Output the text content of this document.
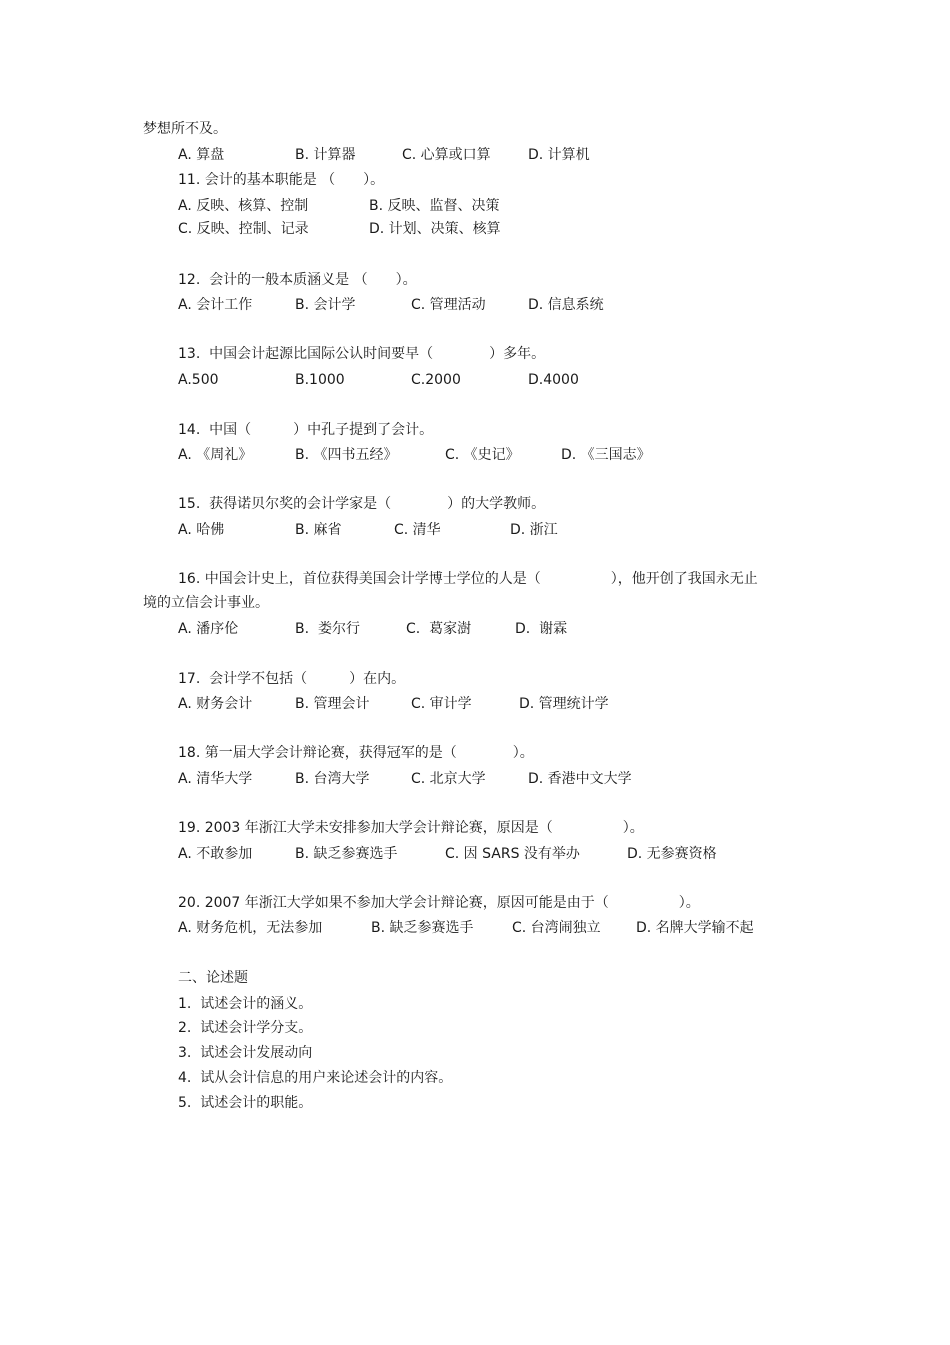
梦想所不及。
A. 算盘	B. 计算器	C. 心算或口算	D. 计算机
11. 会计的基本职能是 （　　）。
A. 反映、核算、控制	B. 反映、监督、决策
C. 反映、控制、记录	D. 计划、决策、核算
12.  会计的一般本质涵义是 （　　）。
A. 会计工作	B. 会计学	C. 管理活动	D. 信息系统
13.  中国会计起源比国际公认时间要早（　　　　）多年。
A.500	B.1000	C.2000	D.4000
14.  中国（　　　）中孔子提到了会计。
A. 《周礼》	B. 《四书五经》	C. 《史记》	D. 《三国志》
15.  获得诺贝尔奖的会计学家是（　　　　）的大学教师。
A. 哈佛	B. 麻省	C. 清华	D. 浙江
16. 中国会计史上，首位获得美国会计学博士学位的人是（　　　　　），他开创了我国永无止
境的立信会计事业。
A. 潘序伦	B.  娄尔行	C.  葛家澍	D.  谢霖
17.  会计学不包括（　　　）在内。
A. 财务会计	B. 管理会计	C. 审计学	D. 管理统计学
18. 第一届大学会计辩论赛，获得冠军的是（　　　　）。
A. 清华大学	B. 台湾大学	C. 北京大学	D. 香港中文大学
19. 2003 年浙江大学未安排参加大学会计辩论赛，原因是（　　　　　）。
A. 不敢参加	B. 缺乏参赛选手	C. 因 SARS 没有举办	D. 无参赛资格
20. 2007 年浙江大学如果不参加大学会计辩论赛，原因可能是由于（　　　　　）。
A. 财务危机，无法参加	B. 缺乏参赛选手	C. 台湾闹独立	D. 名牌大学输不起
二、论述题
1.  试述会计的涵义。
2.  试述会计学分支。
3.  试述会计发展动向
4.  试从会计信息的用户来论述会计的内容。
5.  试述会计的职能。
